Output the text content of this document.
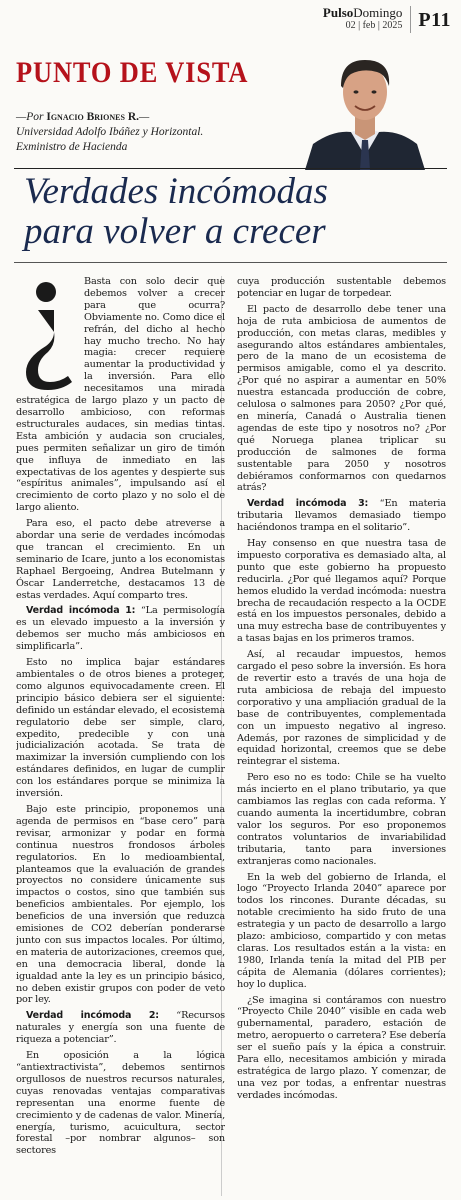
PulsoDomingo
02 | feb | 2025 P11
PUNTO DE VISTA
—Por Ignacio Briones R.—
Universidad Adolfo Ibáñez y Horizontal.
Exministro de Hacienda
Verdades incómodas
para volver a crecer

Basta con solo decir que debemos volver a crecer para que ocurra? Obviamente no. Como dice el refrán, del dicho al hecho hay mucho trecho. No hay magia: crecer requiere aumentar la productividad y la inversión. Para ello necesitamos una mirada estratégica de largo plazo y un pacto de desarrollo ambicioso, con reformas estructurales audaces, sin medias tintas. Esta ambición y audacia son cruciales, pues permiten señalizar un giro de timón que influya de inmediato en las expectativas de los agentes y despierte sus “espíritus animales”, impulsando así el crecimiento de corto plazo y no solo el de largo aliento.

Para eso, el pacto debe atreverse a abordar una serie de verdades incómodas que trancan el crecimiento. En un seminario de Icare, junto a los economistas Raphael Bergoeing, Andrea Butelmann y Óscar Landerretche, destacamos 13 de estas verdades. Aquí comparto tres.

Verdad incómoda 1: “La permisología es un elevado impuesto a la inversión y debemos ser mucho más ambiciosos en simplificarla”.

Esto no implica bajar estándares ambientales o de otros bienes a proteger, como algunos equivocadamente creen. El principio básico debiera ser el siguiente: definido un estándar elevado, el ecosistema regulatorio debe ser simple, claro, expedito, predecible y con una judicialización acotada. Se trata de maximizar la inversión cumpliendo con los estándares definidos, en lugar de cumplir con los estándares porque se minimiza la inversión.

Bajo este principio, proponemos una agenda de permisos en “base cero” para revisar, armonizar y podar en forma continua nuestros frondosos árboles regulatorios. En lo medioambiental, planteamos que la evaluación de grandes proyectos no considere únicamente sus impactos o costos, sino que también sus beneficios ambientales. Por ejemplo, los beneficios de una inversión que reduzca emisiones de CO2 deberían ponderarse junto con sus impactos locales. Por último, en materia de autorizaciones, creemos que, en una democracia liberal, donde la igualdad ante la ley es un principio básico, no deben existir grupos con poder de veto por ley.

Verdad incómoda 2: “Recursos naturales y energía son una fuente de riqueza a potenciar”.

En oposición a la lógica “antiextractivista”, debemos sentirnos orgullosos de nuestros recursos naturales, cuyas renovadas ventajas comparativas representan una enorme fuente de crecimiento y de cadenas de valor. Minería, energía, turismo, acuicultura, sector forestal –por nombrar algunos– son sectores

cuya producción sustentable debemos potenciar en lugar de torpedear.

El pacto de desarrollo debe tener una hoja de ruta ambiciosa de aumentos de producción, con metas claras, medibles y asegurando altos estándares ambientales, pero de la mano de un ecosistema de permisos amigable, como el ya descrito. ¿Por qué no aspirar a aumentar en 50% nuestra estancada producción de cobre, celulosa o salmones para 2050? ¿Por qué, en minería, Canadá o Australia tienen agendas de este tipo y nosotros no? ¿Por qué Noruega planea triplicar su producción de salmones de forma sustentable para 2050 y nosotros debiéramos conformarnos con quedarnos atrás?

Verdad incómoda 3: “En materia tributaria llevamos demasiado tiempo haciéndonos trampa en el solitario”.

Hay consenso en que nuestra tasa de impuesto corporativa es demasiado alta, al punto que este gobierno ha propuesto reducirla. ¿Por qué llegamos aquí? Porque hemos eludido la verdad incómoda: nuestra brecha de recaudación respecto a la OCDE está en los impuestos personales, debido a una muy estrecha base de contribuyentes y a tasas bajas en los primeros tramos.

Así, al recaudar impuestos, hemos cargado el peso sobre la inversión. Es hora de revertir esto a través de una hoja de ruta ambiciosa de rebaja del impuesto corporativo y una ampliación gradual de la base de contribuyentes, complementada con un impuesto negativo al ingreso. Además, por razones de simplicidad y de equidad horizontal, creemos que se debe reintegrar el sistema.

Pero eso no es todo: Chile se ha vuelto más incierto en el plano tributario, ya que cambiamos las reglas con cada reforma. Y cuando aumenta la incertidumbre, cobran valor los seguros. Por eso proponemos contratos voluntarios de invariabilidad tributaria, tanto para inversiones extranjeras como nacionales.

En la web del gobierno de Irlanda, el logo “Proyecto Irlanda 2040” aparece por todos los rincones. Durante décadas, su notable crecimiento ha sido fruto de una estrategia y un pacto de desarrollo a largo plazo: ambicioso, compartido y con metas claras. Los resultados están a la vista: en 1980, Irlanda tenía la mitad del PIB per cápita de Alemania (dólares corrientes); hoy lo duplica.

¿Se imagina si contáramos con nuestro “Proyecto Chile 2040” visible en cada web gubernamental, paradero, estación de metro, aeropuerto o carretera? Ese debería ser el sueño país y la épica a construir. Para ello, necesitamos ambición y mirada estratégica de largo plazo. Y comenzar, de una vez por todas, a enfrentar nuestras verdades incómodas.
